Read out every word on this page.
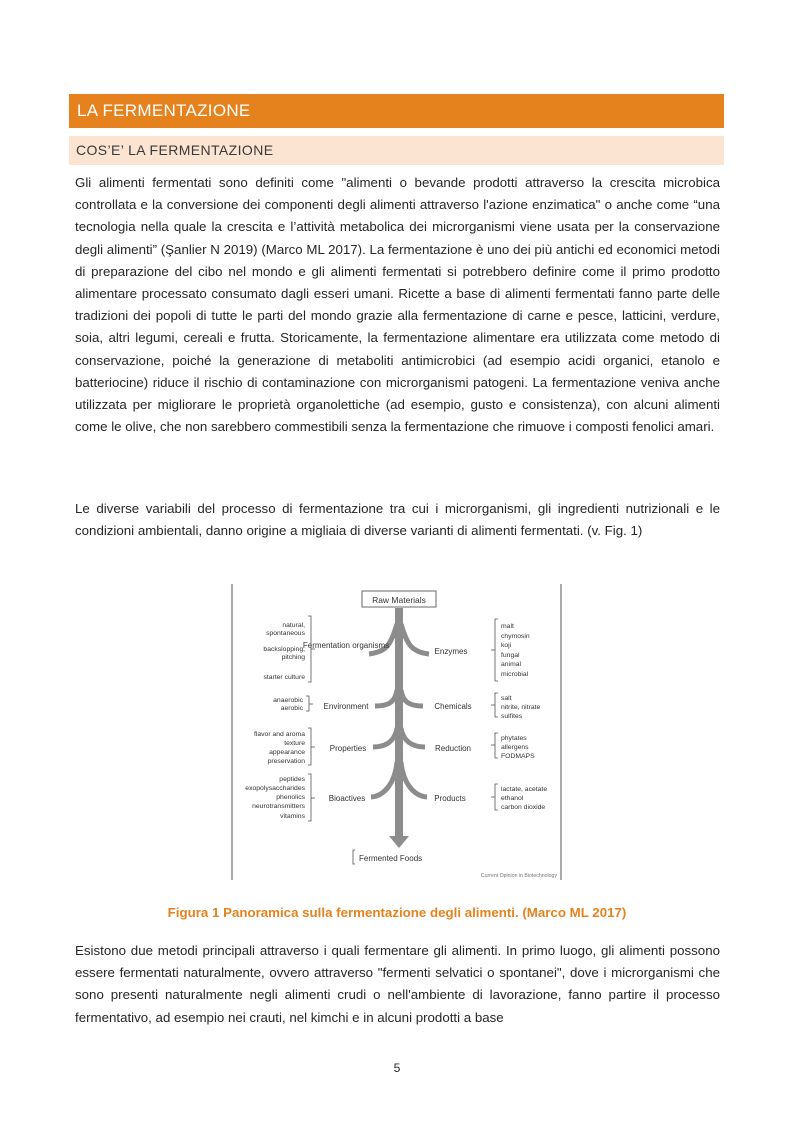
LA FERMENTAZIONE
COS’E’ LA FERMENTAZIONE

Gli alimenti fermentati sono definiti come "alimenti o bevande prodotti attraverso la crescita microbica controllata e la conversione dei componenti degli alimenti attraverso l'azione enzimatica" o anche come “una tecnologia nella quale la crescita e l’attività metabolica dei microrganismi viene usata per la conservazione degli alimenti” (Şanlier N 2019) (Marco ML 2017). La fermentazione è uno dei più antichi ed economici metodi di preparazione del cibo nel mondo e gli alimenti fermentati si potrebbero definire come il primo prodotto alimentare processato consumato dagli esseri umani. Ricette a base di alimenti fermentati fanno parte delle tradizioni dei popoli di tutte le parti del mondo grazie alla fermentazione di carne e pesce, latticini, verdure, soia, altri legumi, cereali e frutta. Storicamente, la fermentazione alimentare era utilizzata come metodo di conservazione, poiché la generazione di metaboliti antimicrobici (ad esempio acidi organici, etanolo e batteriocine) riduce il rischio di contaminazione con microrganismi patogeni. La fermentazione veniva anche utilizzata per migliorare le proprietà organolettiche (ad esempio, gusto e consistenza), con alcuni alimenti come le olive, che non sarebbero commestibili senza la fermentazione che rimuove i composti fenolici amari.

Le diverse variabili del processo di fermentazione tra cui i microrganismi, gli ingredienti nutrizionali e le condizioni ambientali, danno origine a migliaia di diverse varianti di alimenti fermentati. (v. Fig. 1)

Raw Materials
Fermentation organisms
Environment
Properties
Bioactives
Enzymes
Chemicals
Reduction
Products
natural,
spontaneous
backslopping,
pitching
starter culture
anaerobic
aerobic
flavor and aroma
texture
appearance
preservation
peptides
exopolysaccharides
phenolics
neurotransmitters
vitamins
malt
chymosin
koji
fungal
animal
microbial
salt
nitrite, nitrate
sulfites
phytates
allergens
FODMAPS
lactate, acetate
ethanol
carbon dioxide
Fermented Foods
Current Opinion in Biotechnology

Figura 1 Panoramica sulla fermentazione degli alimenti. (Marco ML 2017)

Esistono due metodi principali attraverso i quali fermentare gli alimenti. In primo luogo, gli alimenti possono essere fermentati naturalmente, ovvero attraverso "fermenti selvatici o spontanei", dove i microrganismi che sono presenti naturalmente negli alimenti crudi o nell'ambiente di lavorazione, fanno partire il processo fermentativo, ad esempio nei crauti, nel kimchi e in alcuni prodotti a base

5
